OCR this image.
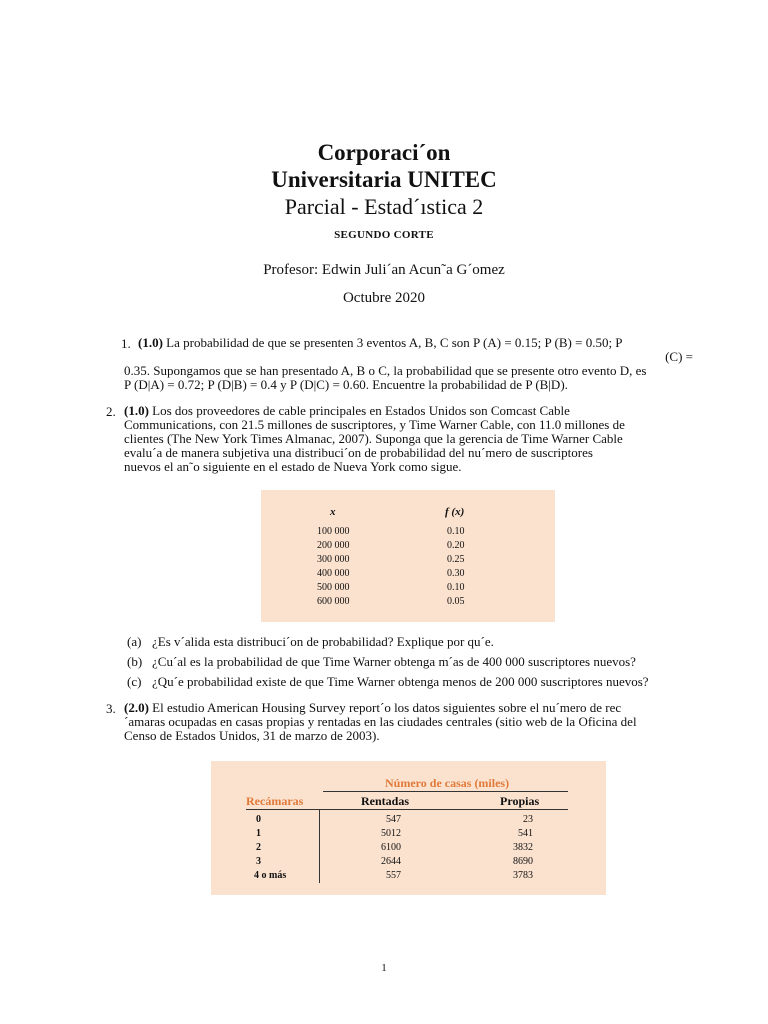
Corporaci´on
Universitaria UNITEC
Parcial - Estad´ıstica 2
SEGUNDO CORTE
Profesor: Edwin Juli´an Acun˜a G´omez
Octubre 2020
1. (1.0) La probabilidad de que se presenten 3 eventos A, B, C son P (A) = 0.15; P (B) = 0.50; P
(C) =
0.35. Supongamos que se han presentado A, B o C, la probabilidad que se presente otro evento D, es
P (D|A) = 0.72; P (D|B) = 0.4 y P (D|C) = 0.60. Encuentre la probabilidad de P (B|D).
2. (1.0) Los dos proveedores de cable principales en Estados Unidos son Comcast Cable
Communications, con 21.5 millones de suscriptores, y Time Warner Cable, con 11.0 millones de
clientes (The New York Times Almanac, 2007). Suponga que la gerencia de Time Warner Cable
evalu´a de manera subjetiva una distribuci´on de probabilidad del nu´mero de suscriptores
nuevos el an˜o siguiente en el estado de Nueva York como sigue.
x	f (x)
100 000	0.10
200 000	0.20
300 000	0.25
400 000	0.30
500 000	0.10
600 000	0.05
(a) ¿Es v´alida esta distribuci´on de probabilidad? Explique por qu´e.
(b) ¿Cu´al es la probabilidad de que Time Warner obtenga m´as de 400 000 suscriptores nuevos?
(c) ¿Qu´e probabilidad existe de que Time Warner obtenga menos de 200 000 suscriptores nuevos?
3. (2.0) El estudio American Housing Survey report´o los datos siguientes sobre el nu´mero de rec
´amaras ocupadas en casas propias y rentadas en las ciudades centrales (sitio web de la Oficina del
Censo de Estados Unidos, 31 de marzo de 2003).
Número de casas (miles)
Recámaras	Rentadas	Propias
0	547	23
1	5012	541
2	6100	3832
3	2644	8690
4 o más	557	3783
1
